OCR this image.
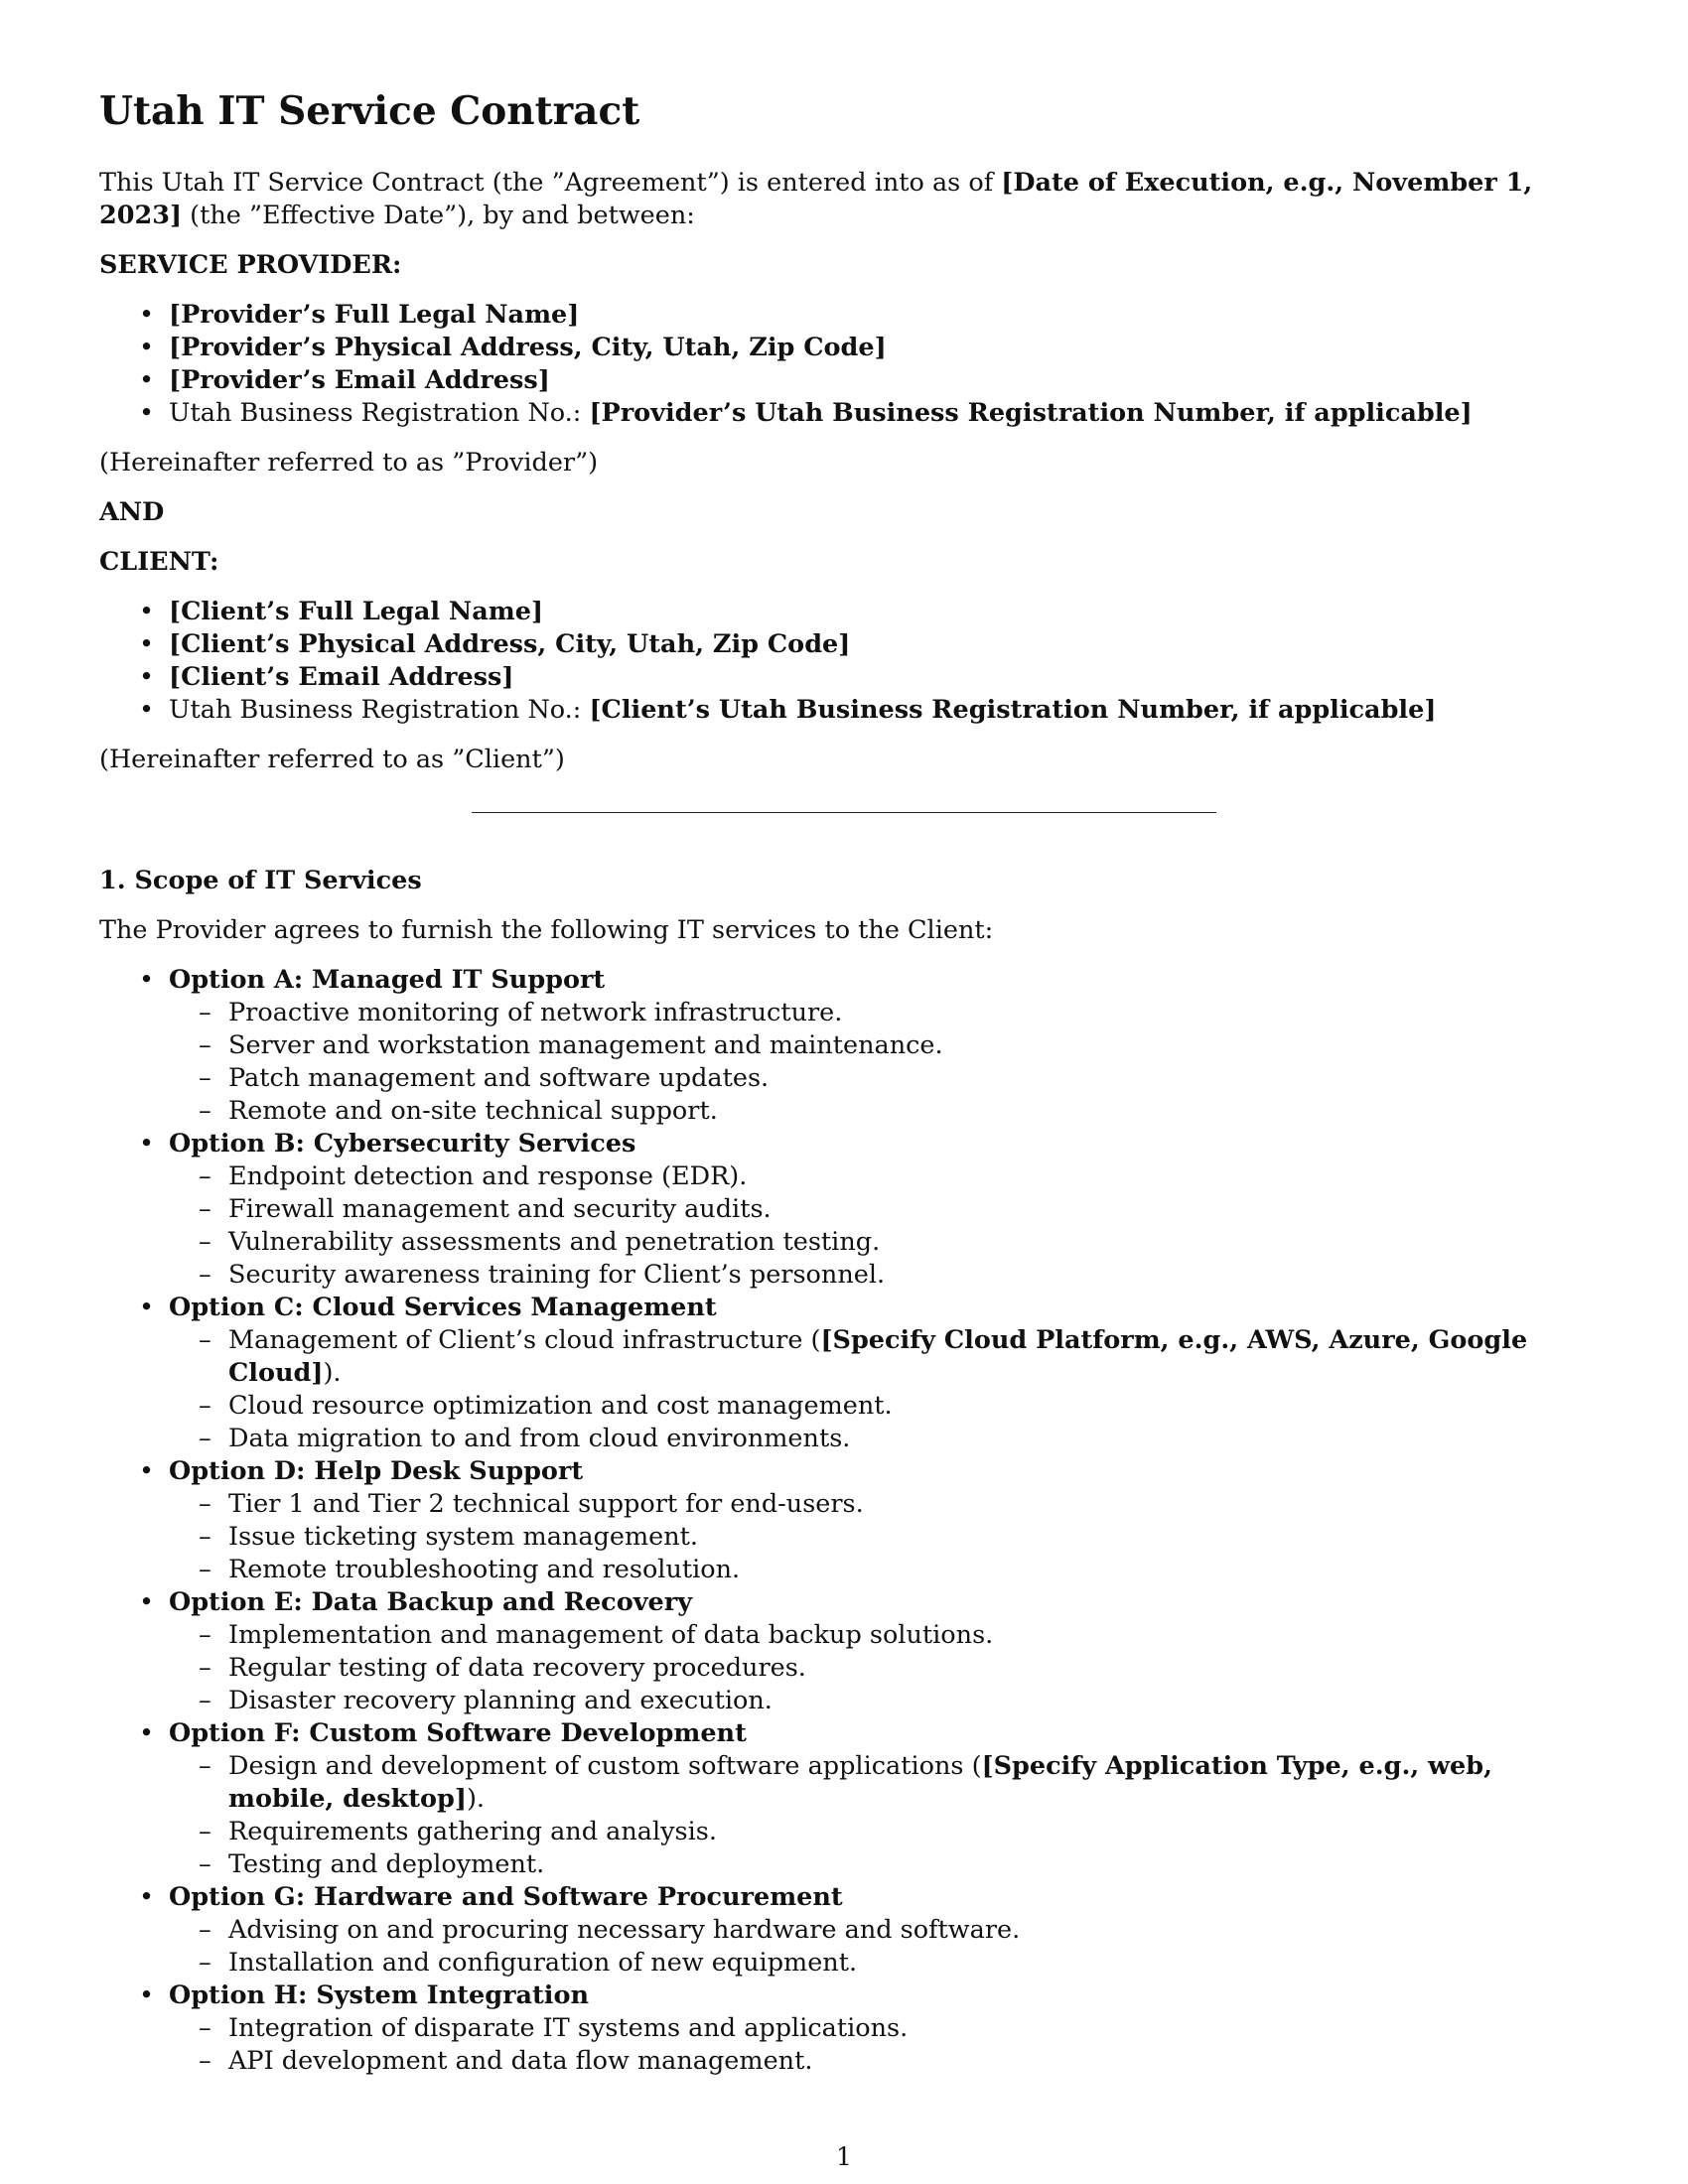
Utah IT Service Contract

This Utah IT Service Contract (the ”Agreement”) is entered into as of [Date of Execution, e.g., November 1, 2023] (the ”Effective Date”), by and between:

SERVICE PROVIDER:

• [Provider’s Full Legal Name]
• [Provider’s Physical Address, City, Utah, Zip Code]
• [Provider’s Email Address]
• Utah Business Registration No.: [Provider’s Utah Business Registration Number, if applicable]

(Hereinafter referred to as ”Provider”)

AND

CLIENT:

• [Client’s Full Legal Name]
• [Client’s Physical Address, City, Utah, Zip Code]
• [Client’s Email Address]
• Utah Business Registration No.: [Client’s Utah Business Registration Number, if applicable]

(Hereinafter referred to as ”Client”)

1. Scope of IT Services

The Provider agrees to furnish the following IT services to the Client:

• Option A: Managed IT Support
– Proactive monitoring of network infrastructure.
– Server and workstation management and maintenance.
– Patch management and software updates.
– Remote and on-site technical support.
• Option B: Cybersecurity Services
– Endpoint detection and response (EDR).
– Firewall management and security audits.
– Vulnerability assessments and penetration testing.
– Security awareness training for Client’s personnel.
• Option C: Cloud Services Management
– Management of Client’s cloud infrastructure ([Specify Cloud Platform, e.g., AWS, Azure, Google Cloud]).
– Cloud resource optimization and cost management.
– Data migration to and from cloud environments.
• Option D: Help Desk Support
– Tier 1 and Tier 2 technical support for end-users.
– Issue ticketing system management.
– Remote troubleshooting and resolution.
• Option E: Data Backup and Recovery
– Implementation and management of data backup solutions.
– Regular testing of data recovery procedures.
– Disaster recovery planning and execution.
• Option F: Custom Software Development
– Design and development of custom software applications ([Specify Application Type, e.g., web, mobile, desktop]).
– Requirements gathering and analysis.
– Testing and deployment.
• Option G: Hardware and Software Procurement
– Advising on and procuring necessary hardware and software.
– Installation and configuration of new equipment.
• Option H: System Integration
– Integration of disparate IT systems and applications.
– API development and data flow management.
1
